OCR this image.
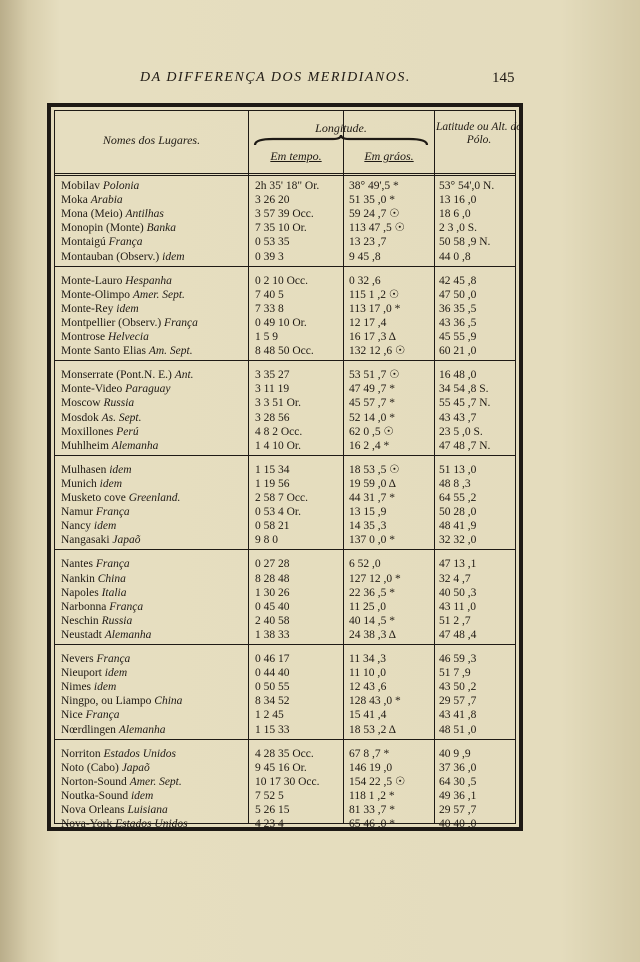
DA DIFFERENÇA DOS MERIDIANOS.	145
Nomes dos Lugares.
Longitude.
Em tempo.	Em gráos.
Latitude ou Alt. do Pólo.
Mobilav Polonia	2h 35' 18" Or.	38° 49',5 *	53° 54',0 N.
Moka Arabia	3 26 20	51 35 ,0 *	13 16 ,0
Mona (Meio) Antilhas	3 57 39 Occ.	59 24 ,7 ☉	18 6 ,0
Monopin (Monte) Banka	7 35 10 Or.	113 47 ,5 ☉	2 3 ,0 S.
Montaigú França	0 53 35	13 23 ,7	50 58 ,9 N.
Montauban (Observ.) idem	0 39 3	9 45 ,8	44 0 ,8
Monte-Lauro Hespanha	0 2 10 Occ.	0 32 ,6	42 45 ,8
Monte-Olimpo Amer. Sept.	7 40 5	115 1 ,2 ☉	47 50 ,0
Monte-Rey idem	7 33 8	113 17 ,0 *	36 35 ,5
Montpellier (Observ.) França	0 49 10 Or.	12 17 ,4	43 36 ,5
Montrose Helvecia	1 5 9	16 17 ,3 Δ	45 55 ,9
Monte Santo Elias Am. Sept.	8 48 50 Occ.	132 12 ,6 ☉	60 21 ,0
Monserrate (Pont.N. E.) Ant.	3 35 27	53 51 ,7 ☉	16 48 ,0
Monte-Video Paraguay	3 11 19	47 49 ,7 *	34 54 ,8 S.
Moscow Russia	3 3 51 Or.	45 57 ,7 *	55 45 ,7 N.
Mosdok As. Sept.	3 28 56	52 14 ,0 *	43 43 ,7
Moxillones Perú	4 8 2 Occ.	62 0 ,5 ☉	23 5 ,0 S.
Muhlheim Alemanha	1 4 10 Or.	16 2 ,4 *	47 48 ,7 N.
Mulhasen idem	1 15 34	18 53 ,5 ☉	51 13 ,0
Munich idem	1 19 56	19 59 ,0 Δ	48 8 ,3
Musketo cove Greenland.	2 58 7 Occ.	44 31 ,7 *	64 55 ,2
Namur França	0 53 4 Or.	13 15 ,9	50 28 ,0
Nancy idem	0 58 21	14 35 ,3	48 41 ,9
Nangasaki Japaõ	9 8 0	137 0 ,0 *	32 32 ,0
Nantes França	0 27 28	6 52 ,0	47 13 ,1
Nankin China	8 28 48	127 12 ,0 *	32 4 ,7
Napoles Italia	1 30 26	22 36 ,5 *	40 50 ,3
Narbonna França	0 45 40	11 25 ,0	43 11 ,0
Neschin Russia	2 40 58	40 14 ,5 *	51 2 ,7
Neustadt Alemanha	1 38 33	24 38 ,3 Δ	47 48 ,4
Nevers França	0 46 17	11 34 ,3	46 59 ,3
Nieuport idem	0 44 40	11 10 ,0	51 7 ,9
Nimes idem	0 50 55	12 43 ,6	43 50 ,2
Ningpo, ou Liampo China	8 34 52	128 43 ,0 *	29 57 ,7
Nice França	1 2 45	15 41 ,4	43 41 ,8
Nœrdlingen Alemanha	1 15 33	18 53 ,2 Δ	48 51 ,0
Norriton Estados Unidos	4 28 35 Occ.	67 8 ,7 *	40 9 ,9
Noto (Cabo) Japaõ	9 45 16 Or.	146 19 ,0	37 36 ,0
Norton-Sound Amer. Sept.	10 17 30 Occ.	154 22 ,5 ☉	64 30 ,5
Noutka-Sound idem	7 52 5	118 1 ,2 *	49 36 ,1
Nova Orleans Luisiana	5 26 15	81 33 ,7 *	29 57 ,7
Nova-York Estados Unidos	4 23 4	65 46 ,0 *	40 40 ,0
